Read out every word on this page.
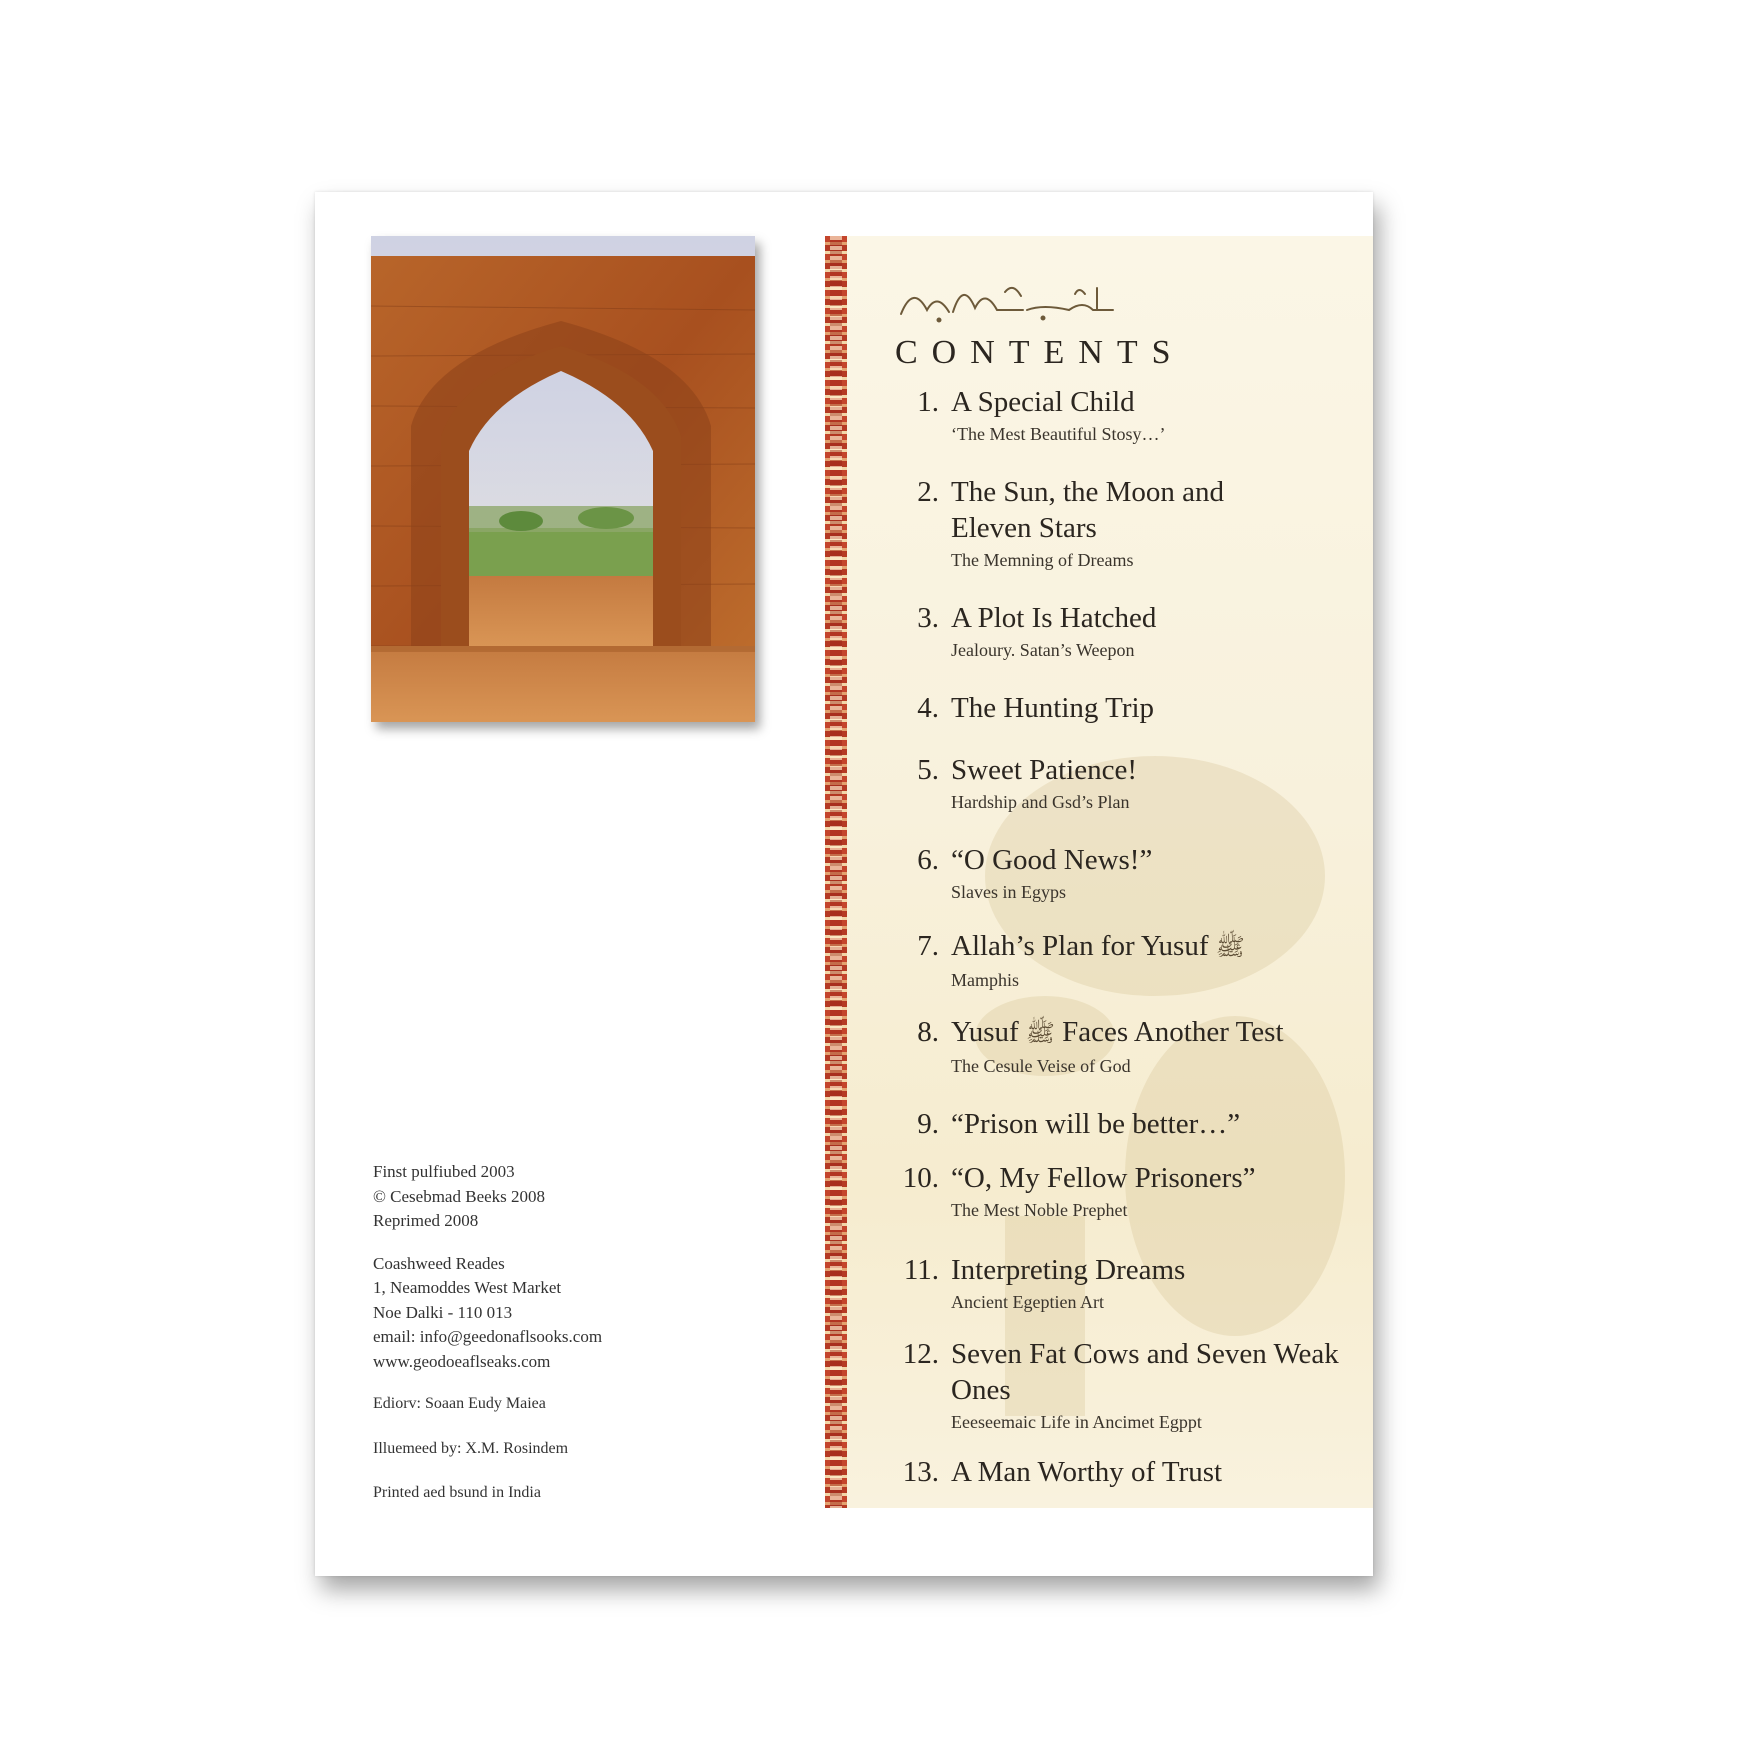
Finst pulfiubed 2003
© Cesebmad Beeks 2008
Reprimed 2008
Coashweed Reades
1, Neamoddes West Market
Noe Dalki - 110 013
email: info@geedonaflsooks.com
www.geodoeaflseaks.com
Ediorv: Soaan Eudy Maiea
Illuemeed by: X.M. Rosindem
Printed aed bsund in India
CONTENTS
1. A Special Child
‘The Mest Beautiful Stosy…’
2. The Sun, the Moon and Eleven Stars
The Memning of Dreams
3. A Plot Is Hatched
Jealoury. Satan’s Weepon
4. The Hunting Trip
5. Sweet Patience!
Hardship and Gsd’s Plan
6. “O Good News!”
Slaves in Egyps
7. Allah’s Plan for Yusuf ﷺ
Mamphis
8. Yusuf ﷺ Faces Another Test
The Cesule Veise of God
9. “Prison will be better…”
10. “O, My Fellow Prisoners”
The Mest Noble Prephet
11. Interpreting Dreams
Ancient Egeptien Art
12. Seven Fat Cows and Seven Weak Ones
Eeeseemaic Life in Ancimet Egppt
13. A Man Worthy of Trust
